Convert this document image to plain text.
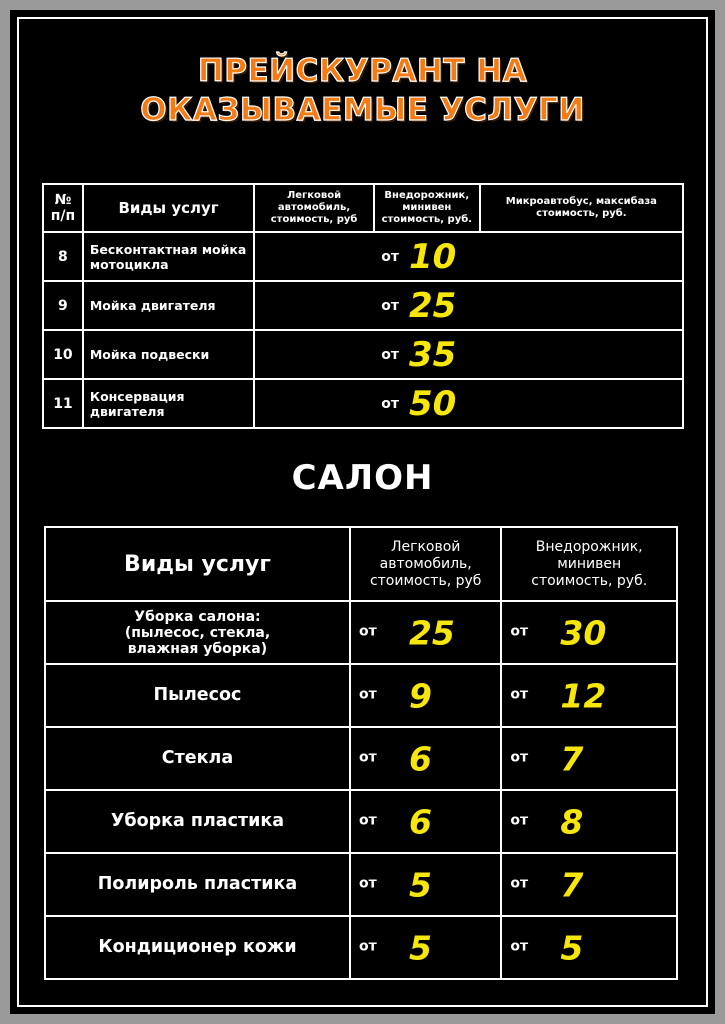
ПРЕЙСКУРАНТ НА
ОКАЗЫВАЕМЫЕ УСЛУГИ
№ п/п	Виды услуг	Легковой автомобиль, стоимость, руб	Внедорожник, минивен стоимость, руб.	Микроавтобус, максибаза стоимость, руб.

8	Бесконтактная мойка мотоцикла	от 10		

9	Мойка двигателя	от 25		

10	Мойка подвески	от 35		

11	Консервация двигателя	от 50		
САЛОН
Виды услуг	Легковой автомобиль, стоимость, руб	Внедорожник, минивен стоимость, руб.

Уборка салона: (пылесос, стекла, влажная уборка)	от 25	от 30

Пылесос	от 9	от 12

Стекла	от 6	от 7

Уборка пластика	от 6	от 8

Полироль пластика	от 5	от 7

Кондиционер кожи	от 5	от 5
